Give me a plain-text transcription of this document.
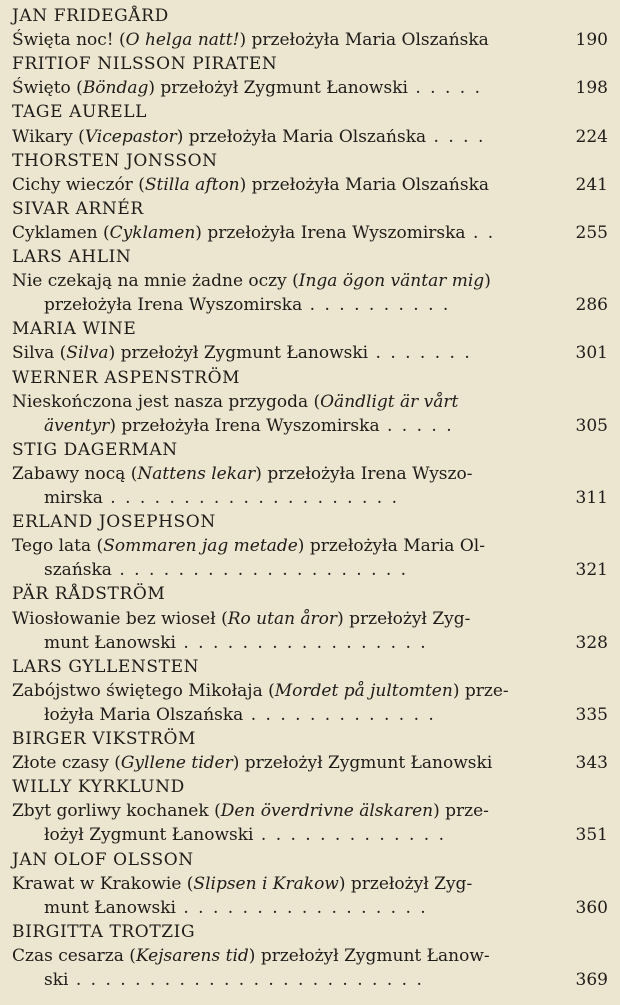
JAN FRIDEGÅRD
Święta noc! (O helga natt!) przełożyła Maria Olszańska	190
FRITIOF NILSSON PIRATEN
Święto (Böndag) przełożył Zygmunt Łanowski . . . . .	198
TAGE AURELL
Wikary (Vicepastor) przełożyła Maria Olszańska . . . .	224
THORSTEN JONSSON
Cichy wieczór (Stilla afton) przełożyła Maria Olszańska	241
SIVAR ARNÉR
Cyklamen (Cyklamen) przełożyła Irena Wyszomirska . .	255
LARS AHLIN
Nie czekają na mnie żadne oczy (Inga ögon väntar mig)
przełożyła Irena Wyszomirska . . . . . . . . . .	286
MARIA WINE
Silva (Silva) przełożył Zygmunt Łanowski . . . . . . .	301
WERNER ASPENSTRÖM
Nieskończona jest nasza przygoda (Oändligt är vårt
äventyr) przełożyła Irena Wyszomirska . . . . .	305
STIG DAGERMAN
Zabawy nocą (Nattens lekar) przełożyła Irena Wyszo-
mirska . . . . . . . . . . . . . . . . . . . .	311
ERLAND JOSEPHSON
Tego lata (Sommaren jag metade) przełożyła Maria Ol-
szańska . . . . . . . . . . . . . . . . . . . .	321
PÄR RÅDSTRÖM
Wiosłowanie bez wioseł (Ro utan åror) przełożył Zyg-
munt Łanowski . . . . . . . . . . . . . . . . .	328
LARS GYLLENSTEN
Zabójstwo świętego Mikołaja (Mordet på jultomten) prze-
łożyła Maria Olszańska . . . . . . . . . . . . .	335
BIRGER VIKSTRÖM
Złote czasy (Gyllene tider) przełożył Zygmunt Łanowski	343
WILLY KYRKLUND
Zbyt gorliwy kochanek (Den överdrivne älskaren) prze-
łożył Zygmunt Łanowski . . . . . . . . . . . . .	351
JAN OLOF OLSSON
Krawat w Krakowie (Slipsen i Krakow) przełożył Zyg-
munt Łanowski . . . . . . . . . . . . . . . . .	360
BIRGITTA TROTZIG
Czas cesarza (Kejsarens tid) przełożył Zygmunt Łanow-
ski . . . . . . . . . . . . . . . . . . . . . . . .	369
